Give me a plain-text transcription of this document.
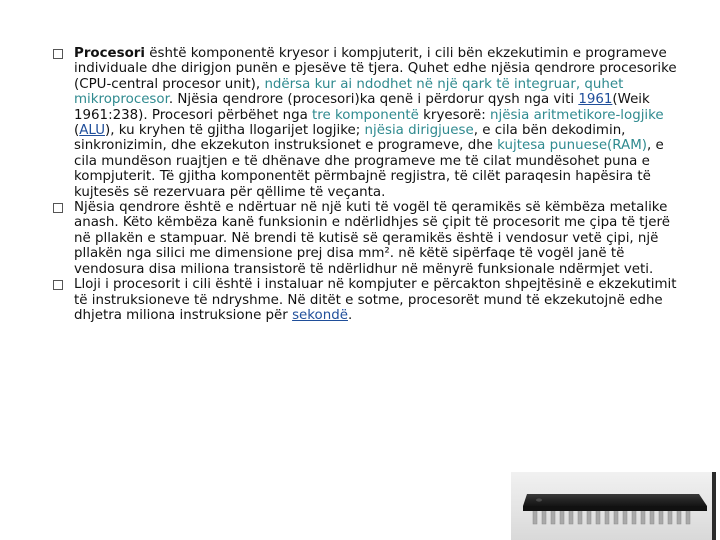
Procesori është komponentë kryesor i kompjuterit, i cili bën ekzekutimin e programeve individuale dhe dirigjon punën e pjesëve të tjera. Quhet edhe njësia qendrore procesorike (CPU-central procesor unit), ndërsa kur ai ndodhet në një qark të integruar, quhet mikroprocesor. Njësia qendrore (procesori)ka qenë i përdorur qysh nga viti 1961(Weik 1961:238). Procesori përbëhet nga tre komponentë kryesorë: njësia aritmetikore-logjike (ALU), ku kryhen të gjitha llogarijet logjike; njësia dirigjuese, e cila bën dekodimin, sinkronizimin, dhe ekzekuton instruksionet e programeve, dhe kujtesa punuese(RAM), e cila mundëson ruajtjen e të dhënave dhe programeve me të cilat mundësohet puna e kompjuterit. Të gjitha komponentët përmbajnë regjistra, të cilët paraqesin hapësira të kujtesës së rezervuara për qëllime të veçanta.

Njësia qendrore është e ndërtuar në një kuti të vogël të qeramikës së këmbëza metalike anash. Këto këmbëza kanë funksionin e ndërlidhjes së çipit të procesorit me çipa të tjerë në pllakën e stampuar. Në brendi të kutisë së qeramikës është i vendosur vetë çipi, një pllakën nga silici me dimensione prej disa mm². në këtë sipërfaqe të vogël janë të vendosura disa miliona transistorë të ndërlidhur në mënyrë funksionale ndërmjet veti.

Lloji i procesorit i cili është i instaluar në kompjuter e përcakton shpejtësinë e ekzekutimit të instruksioneve të ndryshme. Në ditët e sotme, procesorët mund të ekzekutojnë edhe dhjetra miliona instruksione për sekondë.
